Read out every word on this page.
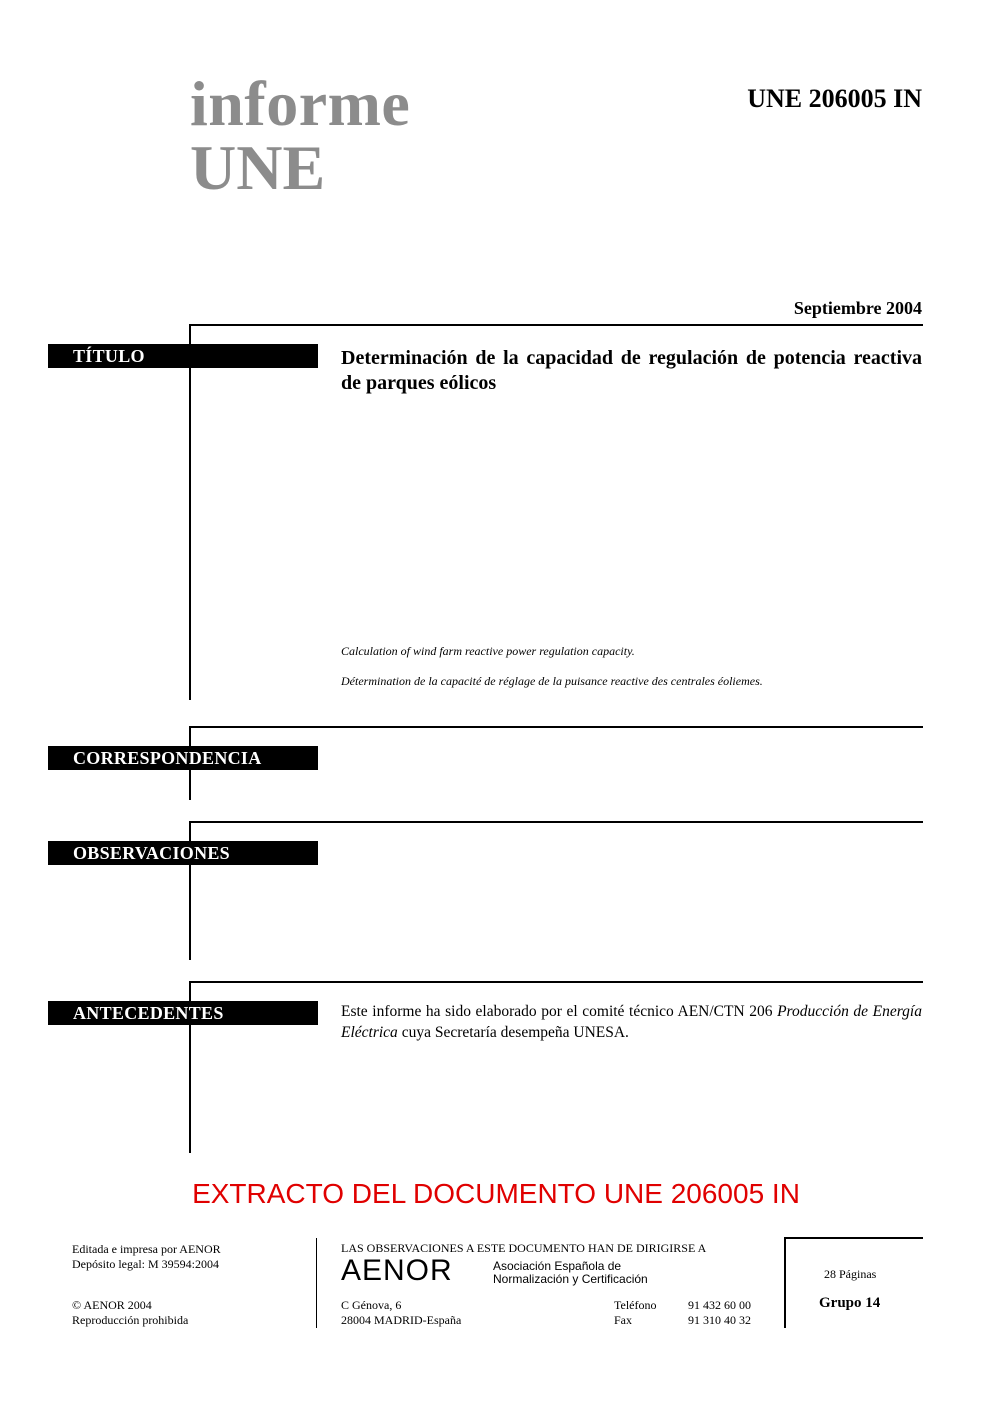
informe
UNE
UNE 206005 IN
Septiembre 2004
TÍTULO	Determinación de la capacidad de regulación de potencia reactiva de parques eólicos
Calculation of wind farm reactive power regulation capacity.
Détermination de la capacité de réglage de la puisance reactive des centrales éoliemes.
CORRESPONDENCIA
OBSERVACIONES
ANTECEDENTES	Este informe ha sido elaborado por el comité técnico AEN/CTN 206 Producción de Energía Eléctrica cuya Secretaría desempeña UNESA.
EXTRACTO DEL DOCUMENTO UNE 206005 IN
Editada e impresa por AENOR
Depósito legal: M 39594:2004
© AENOR 2004
Reproducción prohibida
LAS OBSERVACIONES A ESTE DOCUMENTO HAN DE DIRIGIRSE A
AENOR	Asociación Española de
Normalización y Certificación
C Génova, 6
28004 MADRID-España
Teléfono	91 432 60 00
Fax	91 310 40 32
28 Páginas
Grupo 14
